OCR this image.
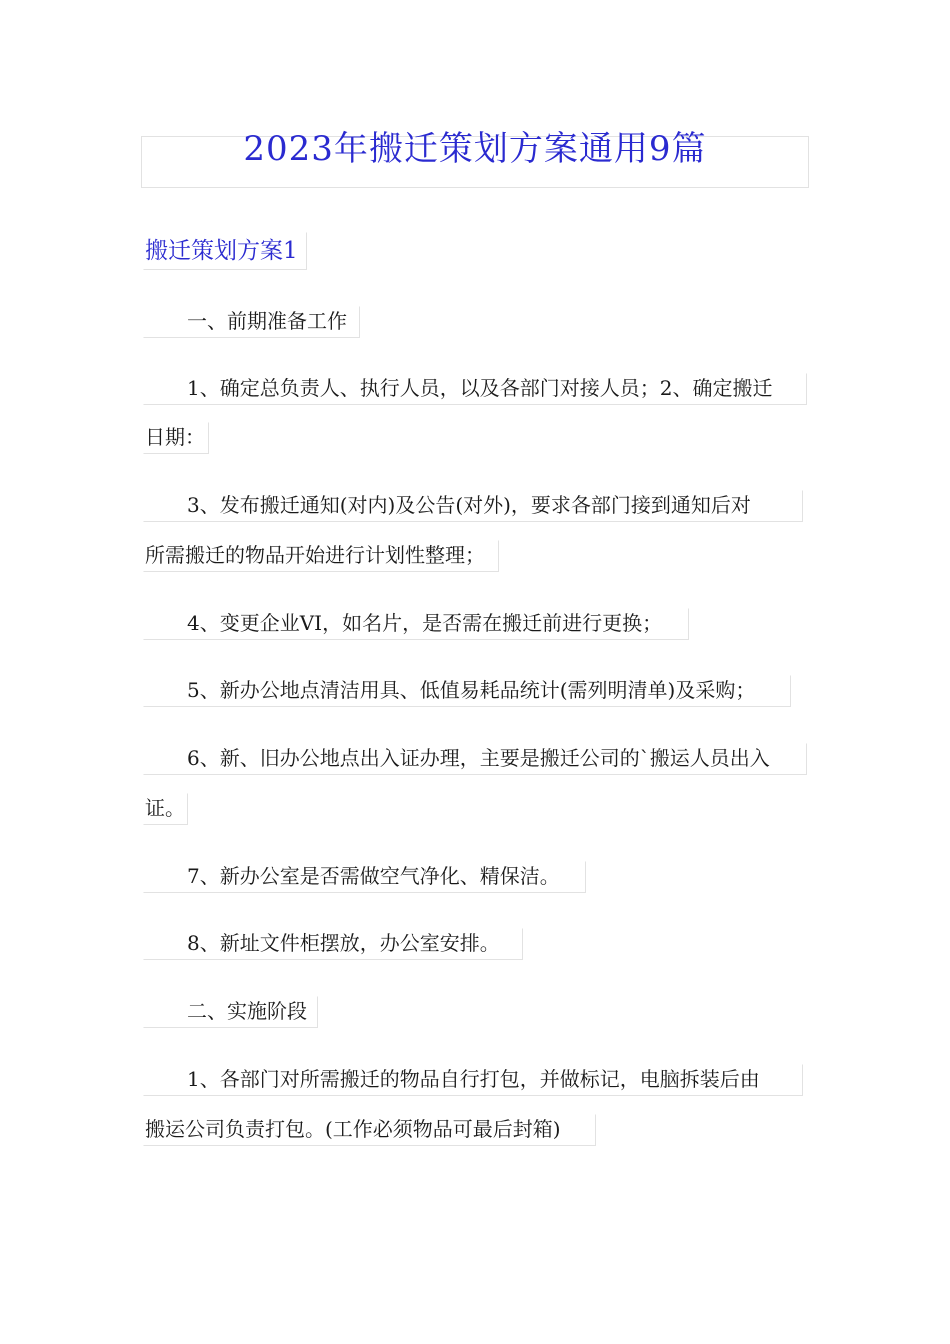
2023年搬迁策划方案通用9篇
搬迁策划方案1
一、前期准备工作
1、确定总负责人、执行人员，以及各部门对接人员；2、确定搬迁
日期：
3、发布搬迁通知(对内)及公告(对外)，要求各部门接到通知后对
所需搬迁的物品开始进行计划性整理；
4、变更企业VI，如名片，是否需在搬迁前进行更换；
5、新办公地点清洁用具、低值易耗品统计(需列明清单)及采购；
6、新、旧办公地点出入证办理，主要是搬迁公司的`搬运人员出入
证。
7、新办公室是否需做空气净化、精保洁。
8、新址文件柜摆放，办公室安排。
二、实施阶段
1、各部门对所需搬迁的物品自行打包，并做标记，电脑拆装后由
搬运公司负责打包。(工作必须物品可最后封箱)
